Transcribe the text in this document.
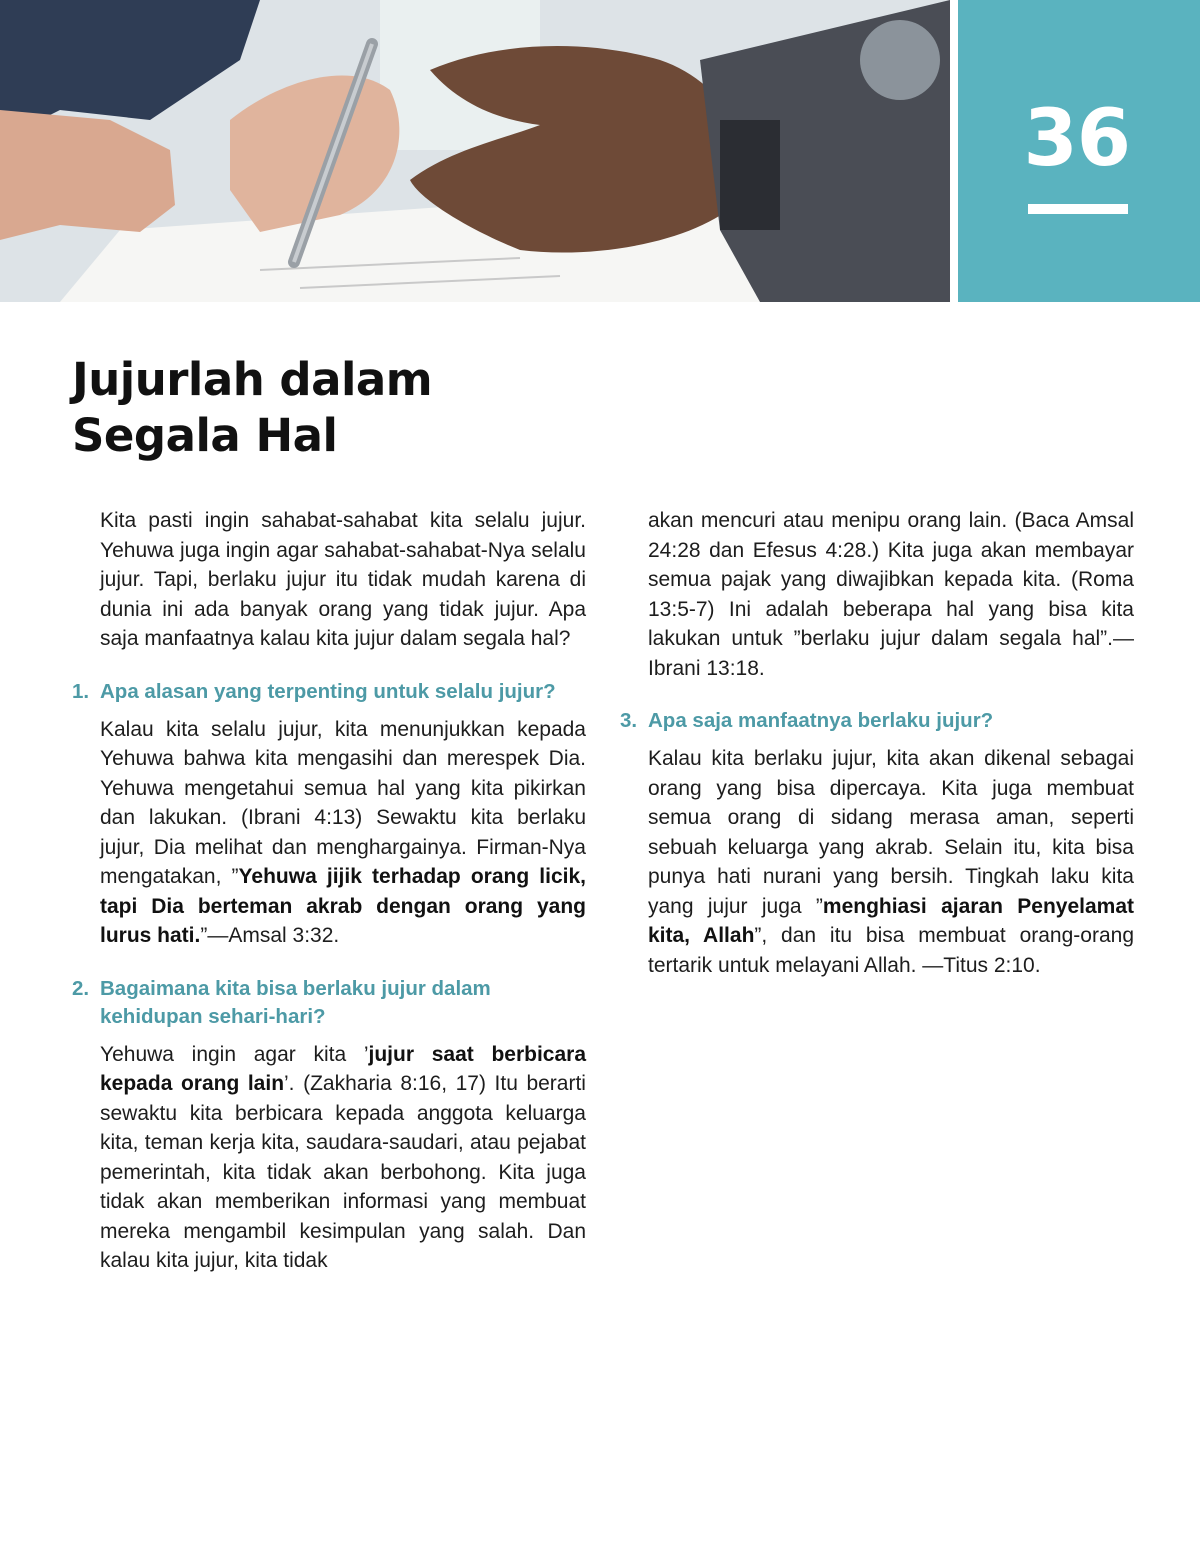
36
Jujurlah dalam
Segala Hal

Kita pasti ingin sahabat-sahabat kita selalu jujur. Yehuwa juga ingin agar sahabat-sahabat-Nya selalu jujur. Tapi, berlaku jujur itu tidak mudah karena di dunia ini ada banyak orang yang tidak jujur. Apa saja manfaatnya kalau kita jujur dalam segala hal?

1. Apa alasan yang terpenting untuk selalu jujur?

Kalau kita selalu jujur, kita menunjukkan kepada Yehuwa bahwa kita mengasihi dan merespek Dia. Yehuwa mengetahui semua hal yang kita pikirkan dan lakukan. (Ibrani 4:13) Sewaktu kita berlaku jujur, Dia melihat dan menghargainya. Firman-Nya mengatakan, ”Yehuwa jijik terhadap orang licik, tapi Dia berteman akrab dengan orang yang lurus hati.”—Amsal 3:32.

2. Bagaimana kita bisa berlaku jujur dalam kehidupan sehari-hari?

Yehuwa ingin agar kita ’jujur saat berbicara kepada orang lain’. (Zakharia 8:16, 17) Itu berarti sewaktu kita berbicara kepada anggota keluarga kita, teman kerja kita, saudara-saudari, atau pejabat pemerintah, kita tidak akan berbohong. Kita juga tidak akan memberikan informasi yang membuat mereka mengambil kesimpulan yang salah. Dan kalau kita jujur, kita tidak

akan mencuri atau menipu orang lain. (Baca Amsal 24:28 dan Efesus 4:28.) Kita juga akan membayar semua pajak yang diwajibkan kepada kita. (Roma 13:5-7) Ini adalah beberapa hal yang bisa kita lakukan untuk ”berlaku jujur dalam segala hal”.—Ibrani 13:18.

3. Apa saja manfaatnya berlaku jujur?

Kalau kita berlaku jujur, kita akan dikenal sebagai orang yang bisa dipercaya. Kita juga membuat semua orang di sidang merasa aman, seperti sebuah keluarga yang akrab. Selain itu, kita bisa punya hati nurani yang bersih. Tingkah laku kita yang jujur juga ”menghiasi ajaran Penyelamat kita, Allah”, dan itu bisa membuat orang-orang tertarik untuk melayani Allah. —Titus 2:10.
